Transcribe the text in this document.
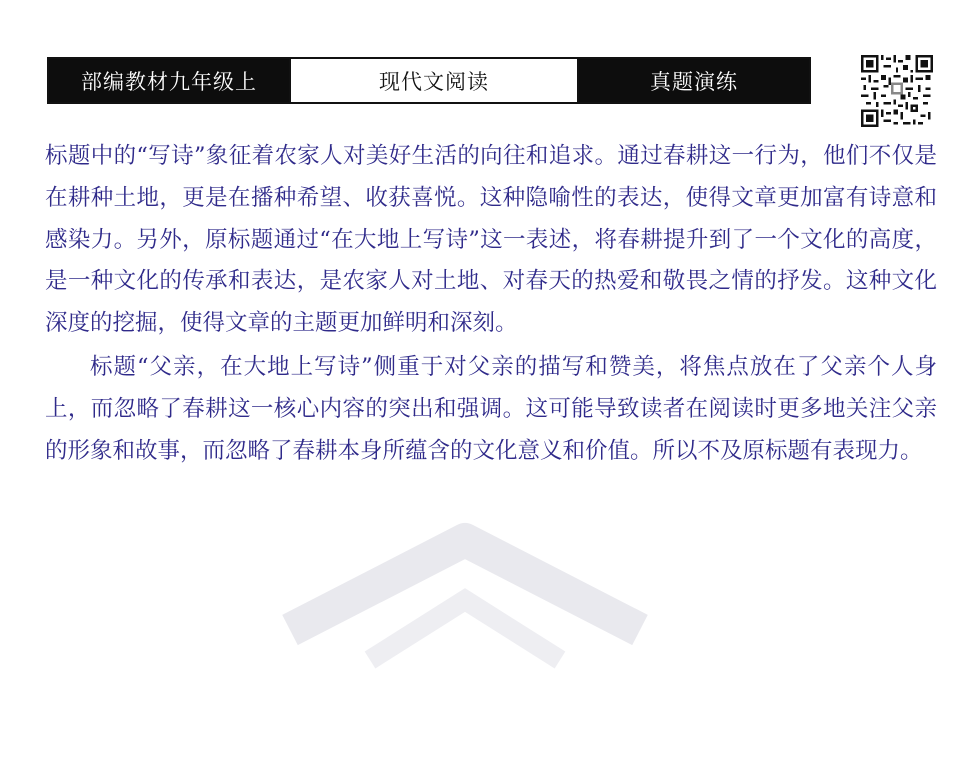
部编教材九年级上	现代文阅读	真题演练

标题中的“写诗”象征着农家人对美好生活的向往和追求。通过春耕这一行为，他们不仅是在耕种土地，更是在播种希望、收获喜悦。这种隐喻性的表达，使得文章更加富有诗意和感染力。另外，原标题通过“在大地上写诗”这一表述，将春耕提升到了一个文化的高度，是一种文化的传承和表达，是农家人对土地、对春天的热爱和敬畏之情的抒发。这种文化深度的挖掘，使得文章的主题更加鲜明和深刻。

标题“父亲，在大地上写诗”侧重于对父亲的描写和赞美，将焦点放在了父亲个人身上，而忽略了春耕这一核心内容的突出和强调。这可能导致读者在阅读时更多地关注父亲的形象和故事，而忽略了春耕本身所蕴含的文化意义和价值。所以不及原标题有表现力。
